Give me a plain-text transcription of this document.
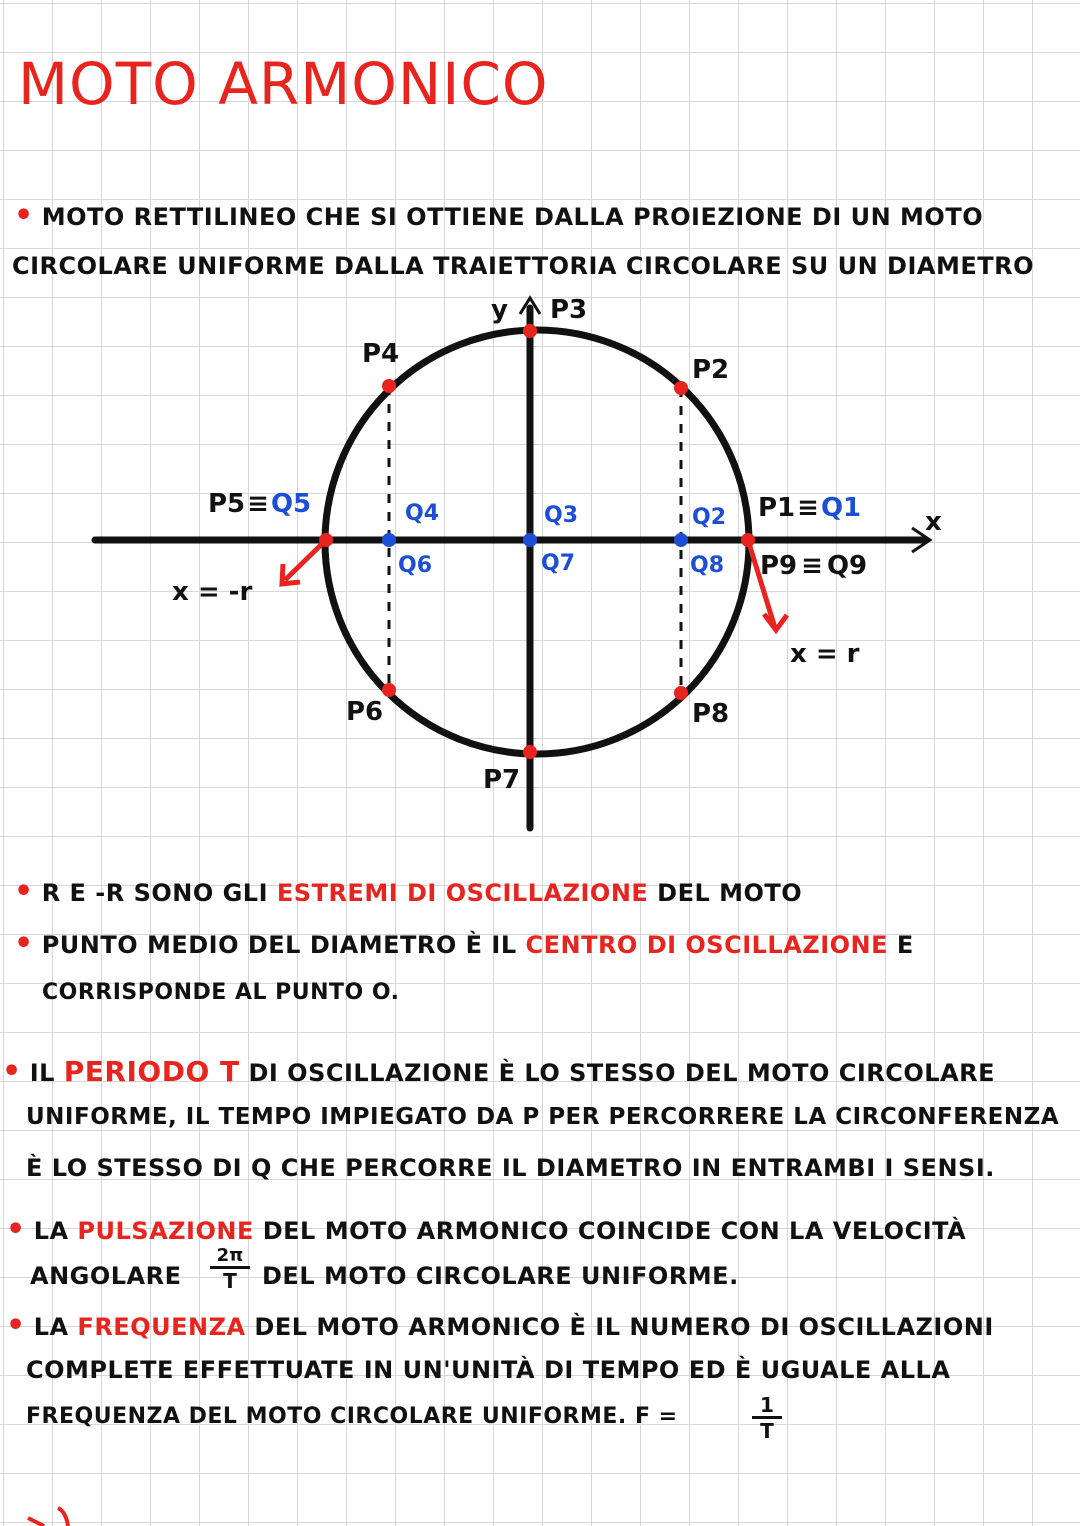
MOTO ARMONICO

• MOTO RETTILINEO CHE SI OTTIENE DALLA PROIEZIONE DI UN MOTO

CIRCOLARE UNIFORME DALLA TRAIETTORIA CIRCOLARE SU UN DIAMETRO

y
x
P3
P4
P2
P6	P8
P7
x = -r
x = r
P5≡Q5	P1≡Q1
P9 ≡ Q9
Q4
Q6
Q3
Q7
Q2
Q8

• R E -R SONO GLI ESTREMI DI OSCILLAZIONE DEL MOTO

• PUNTO MEDIO DEL DIAMETRO È IL CENTRO DI OSCILLAZIONE E

CORRISPONDE AL PUNTO O.

• IL PERIODO T DI OSCILLAZIONE È LO STESSO DEL MOTO CIRCOLARE

UNIFORME, IL TEMPO IMPIEGATO DA P PER PERCORRERE LA CIRCONFERENZA

È LO STESSO DI Q CHE PERCORRE IL DIAMETRO IN ENTRAMBI I SENSI.

• LA PULSAZIONE DEL MOTO ARMONICO COINCIDE CON LA VELOCITÀ

ANGOLARE $\frac{2\pi}{T}$ DEL MOTO CIRCOLARE UNIFORME.

• LA FREQUENZA DEL MOTO ARMONICO È IL NUMERO DI OSCILLAZIONI

COMPLETE EFFETTUATE IN UN'UNITÀ DI TEMPO ED È UGUALE ALLA

FREQUENZA DEL MOTO CIRCOLARE UNIFORME. F =	$\frac{1}{T}$
